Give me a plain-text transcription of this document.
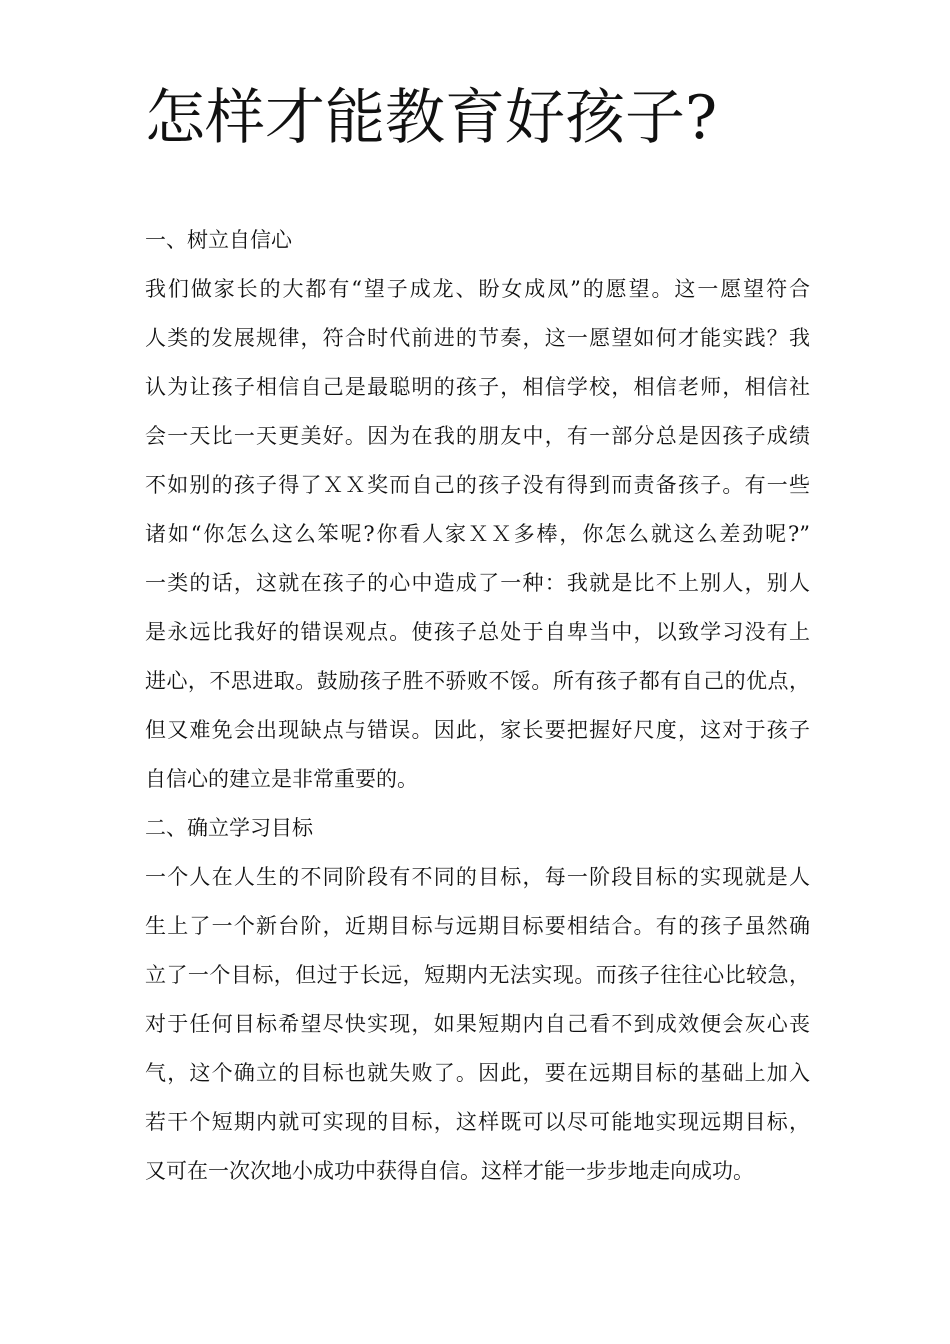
怎样才能教育好孩子?
一、树立自信心

我们做家长的大都有“望子成龙、盼女成凤”的愿望。这一愿望符合
人类的发展规律，符合时代前进的节奏，这一愿望如何才能实践？我
认为让孩子相信自己是最聪明的孩子，相信学校，相信老师，相信社
会一天比一天更美好。因为在我的朋友中，有一部分总是因孩子成绩
不如别的孩子得了ＸＸ奖而自己的孩子没有得到而责备孩子。有一些
诸如“你怎么这么笨呢?你看人家ＸＸ多棒，你怎么就这么差劲呢?”
一类的话，这就在孩子的心中造成了一种：我就是比不上别人，别人
是永远比我好的错误观点。使孩子总处于自卑当中，以致学习没有上
进心，不思进取。鼓励孩子胜不骄败不馁。所有孩子都有自己的优点，
但又难免会出现缺点与错误。因此，家长要把握好尺度，这对于孩子
自信心的建立是非常重要的。

二、确立学习目标

一个人在人生的不同阶段有不同的目标，每一阶段目标的实现就是人
生上了一个新台阶，近期目标与远期目标要相结合。有的孩子虽然确
立了一个目标，但过于长远，短期内无法实现。而孩子往往心比较急，
对于任何目标希望尽快实现，如果短期内自己看不到成效便会灰心丧
气，这个确立的目标也就失败了。因此，要在远期目标的基础上加入
若干个短期内就可实现的目标，这样既可以尽可能地实现远期目标，
又可在一次次地小成功中获得自信。这样才能一步步地走向成功。
